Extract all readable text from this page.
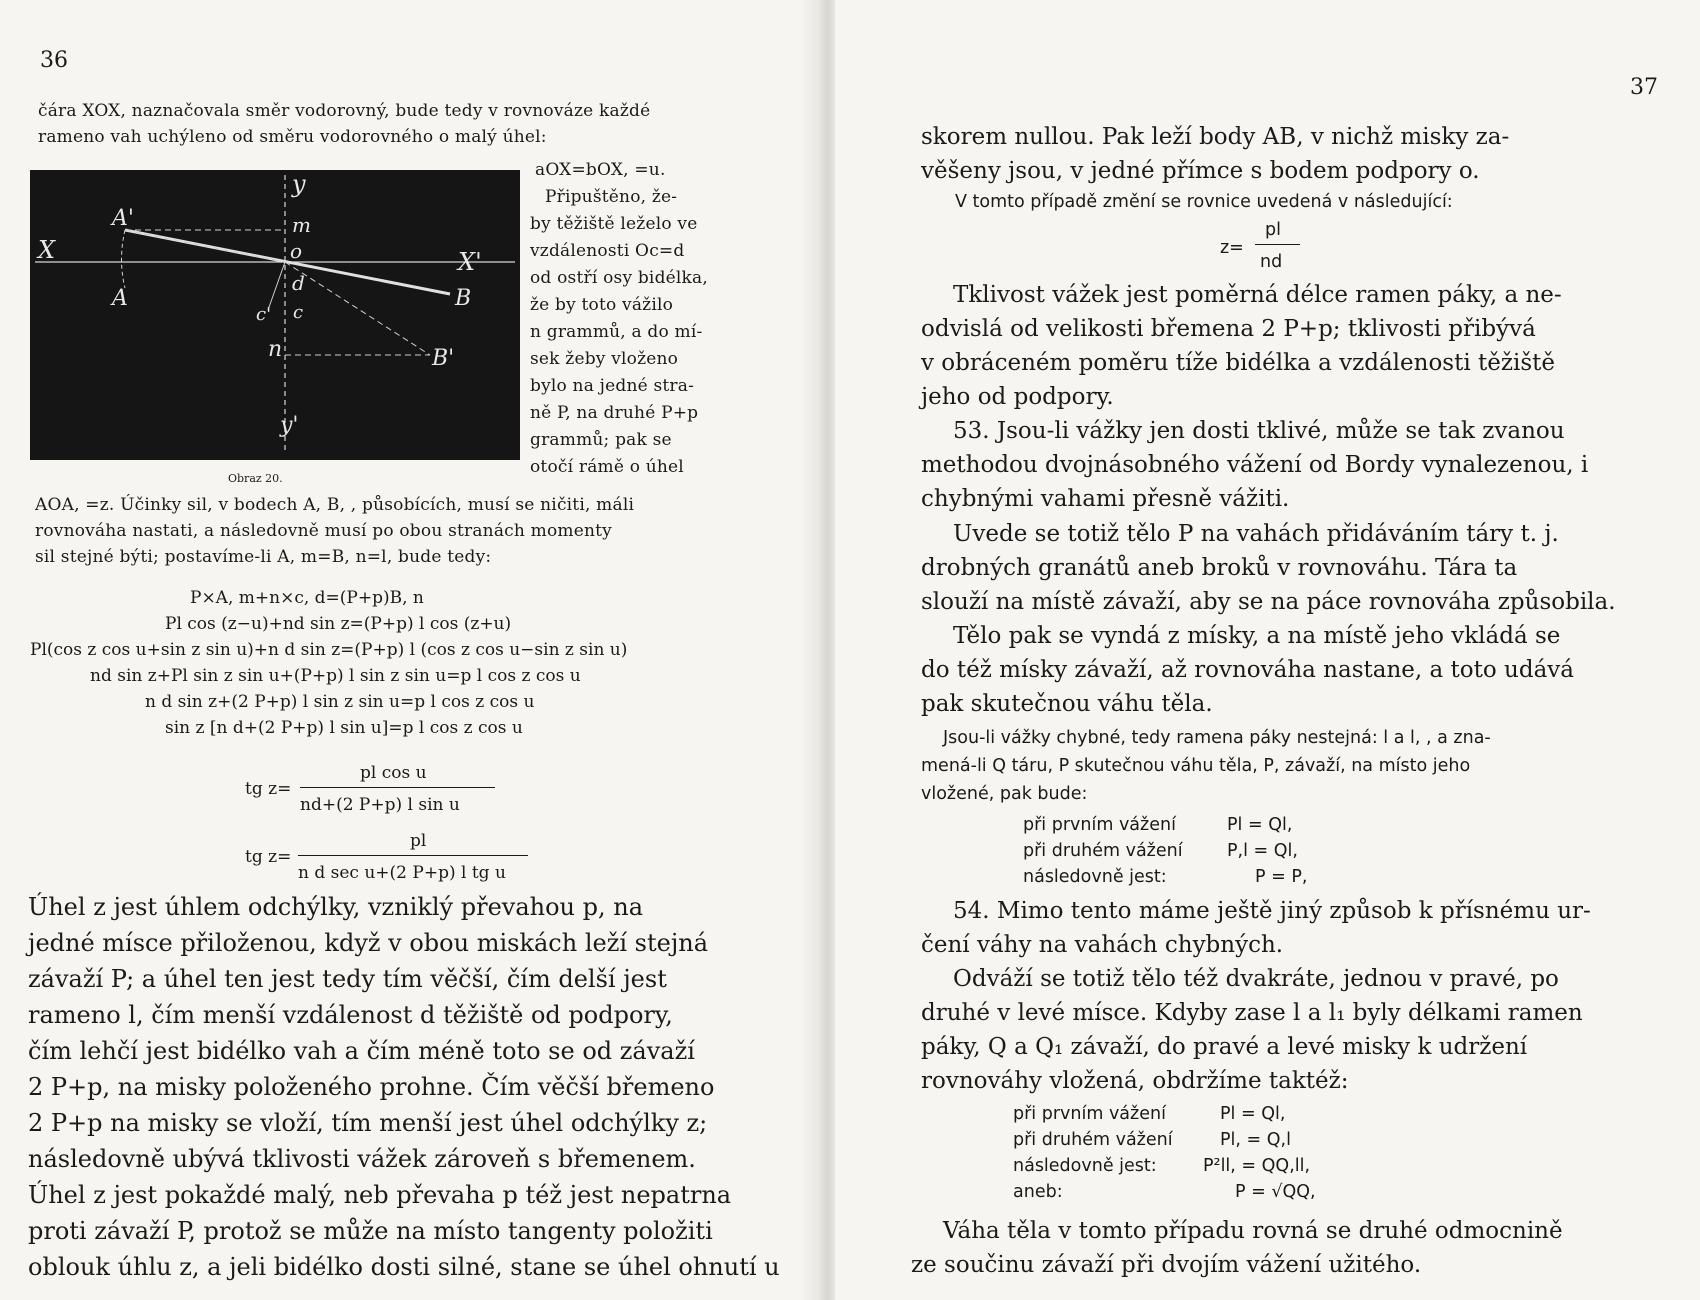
36
čára XOX, naznačovala směr vodorovný, bude tedy v rovnováze každé
rameno vah uchýleno od směru vodorovného o malý úhel:
y
A'	m
X	o	X'
A
d
B
c' c
n	B'
y'
Obraz 20.
aOX=bOX, =u.
Připuštěno, že-
by těžiště leželo ve
vzdálenosti Oc=d
od ostří osy bidélka,
že by toto vážilo
n grammů, a do mí-
sek žeby vloženo
bylo na jedné stra-
ně P, na druhé P+p
grammů; pak se
otočí rámě o úhel
AOA, =z. Účinky sil, v bodech A, B, , působících, musí se ničiti, máli
rovnováha nastati, a následovně musí po obou stranách momenty
sil stejné býti; postavíme-li A, m=B, n=l, bude tedy:
P×A, m+n×c, d=(P+p)B, n
Pl cos (z−u)+nd sin z=(P+p) l cos (z+u)
Pl(cos z cos u+sin z sin u)+n d sin z=(P+p) l (cos z cos u−sin z sin u)
nd sin z+Pl sin z sin u+(P+p) l sin z sin u=p l cos z cos u
n d sin z+(2 P+p) l sin z sin u=p l cos z cos u
sin z [n d+(2 P+p) l sin u]=p l cos z cos u
tg z=
pl cos u
nd+(2 P+p) l sin u
tg z=
pl
n d sec u+(2 P+p) l tg u
Úhel z jest úhlem odchýlky, vzniklý převahou p, na
jedné mísce přiloženou, když v obou miskách leží stejná
závaží P; a úhel ten jest tedy tím věčší, čím delší jest
rameno l, čím menší vzdálenost d těžiště od podpory,
čím lehčí jest bidélko vah a čím méně toto se od závaží
2 P+p, na misky položeného prohne. Čím věčší břemeno
2 P+p na misky se vloží, tím menší jest úhel odchýlky z;
následovně ubývá tklivosti vážek zároveň s břemenem.
Úhel z jest pokaždé malý, neb převaha p též jest nepatrna
proti závaží P, protož se může na místo tangenty položiti
oblouk úhlu z, a jeli bidélko dosti silné, stane se úhel ohnutí u
37
skorem nullou. Pak leží body AB, v nichž misky za-
věšeny jsou, v jedné přímce s bodem podpory o.
V tomto případě změní se rovnice uvedená v následující:
z=
pl
nd
Tklivost vážek jest poměrná délce ramen páky, a ne-
odvislá od velikosti břemena 2 P+p; tklivosti přibývá
v obráceném poměru tíže bidélka a vzdálenosti těžiště
jeho od podpory.
53. Jsou-li vážky jen dosti tklivé, může se tak zvanou
methodou dvojnásobného vážení od Bordy vynalezenou, i
chybnými vahami přesně vážiti.
Uvede se totiž tělo P na vahách přidáváním táry t. j.
drobných granátů aneb broků v rovnováhu. Tára ta
slouží na místě závaží, aby se na páce rovnováha způsobila.
Tělo pak se vyndá z mísky, a na místě jeho vkládá se
do též mísky závaží, až rovnováha nastane, a toto udává
pak skutečnou váhu těla.
Jsou-li vážky chybné, tedy ramena páky nestejná: l a l, , a zna-
mená-li Q táru, P skutečnou váhu těla, P, závaží, na místo jeho
vložené, pak bude:
při prvním vážení	Pl = Ql,
při druhém vážení	P,l = Ql,
následovně jest:	P = P,
54. Mimo tento máme ještě jiný způsob k přísnému ur-
čení váhy na vahách chybných.
Odváží se totiž tělo též dvakráte, jednou v pravé, po
druhé v levé mísce. Kdyby zase l a l₁ byly délkami ramen
páky, Q a Q₁ závaží, do pravé a levé misky k udržení
rovnováhy vložená, obdržíme taktéž:
při prvním vážení	Pl = Ql,
při druhém vážení	Pl, = Q,l
následovně jest:	P²ll, = QQ,ll,
aneb:	P = √QQ,
Váha těla v tomto případu rovná se druhé odmocnině
ze součinu závaží při dvojím vážení užitého.
